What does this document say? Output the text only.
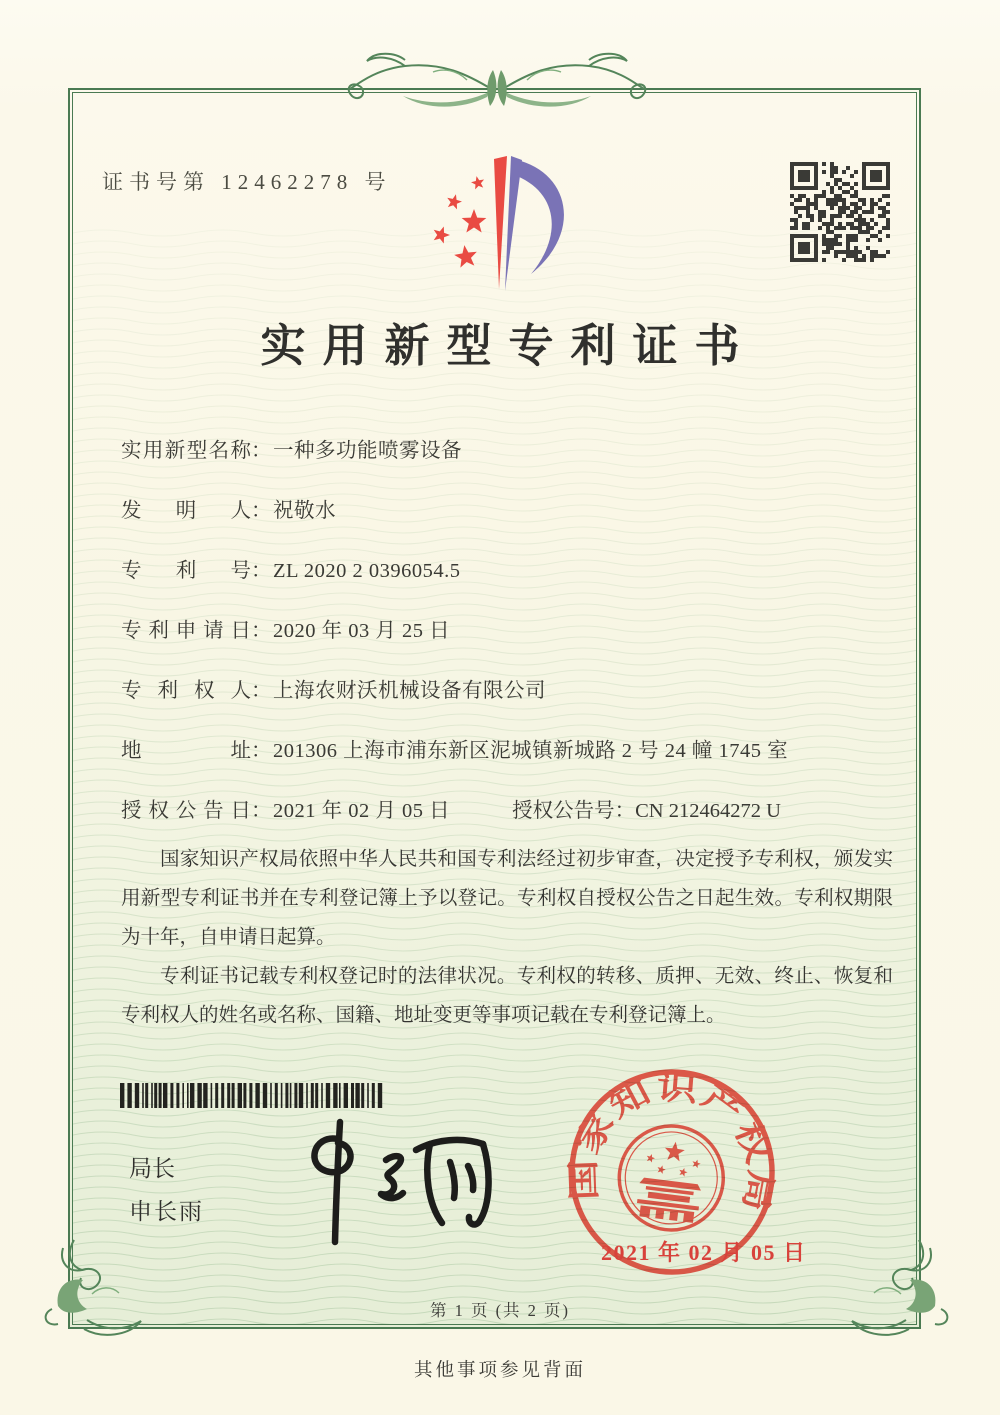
证书号第 12462278 号
实用新型专利证书
实用新型名称：一种多功能喷雾设备
发明人：祝敬水
专利号：ZL 2020 2 0396054.5
专利申请日：2020 年 03 月 25 日
专利权人：上海农财沃机械设备有限公司
地址：201306 上海市浦东新区泥城镇新城路 2 号 24 幢 1745 室
授权公告日：2021 年 02 月 05 日	授权公告号：CN 212464272 U

国家知识产权局依照中华人民共和国专利法经过初步审查，决定授予专利权，颁发实用新型专利证书并在专利登记簿上予以登记。专利权自授权公告之日起生效。专利权期限为十年，自申请日起算。

专利证书记载专利权登记时的法律状况。专利权的转移、质押、无效、终止、恢复和专利权人的姓名或名称、国籍、地址变更等事项记载在专利登记簿上。

局长
申长雨
国家知识产权局
2021 年 02 月 05 日
第 1 页 (共 2 页)
其他事项参见背面
